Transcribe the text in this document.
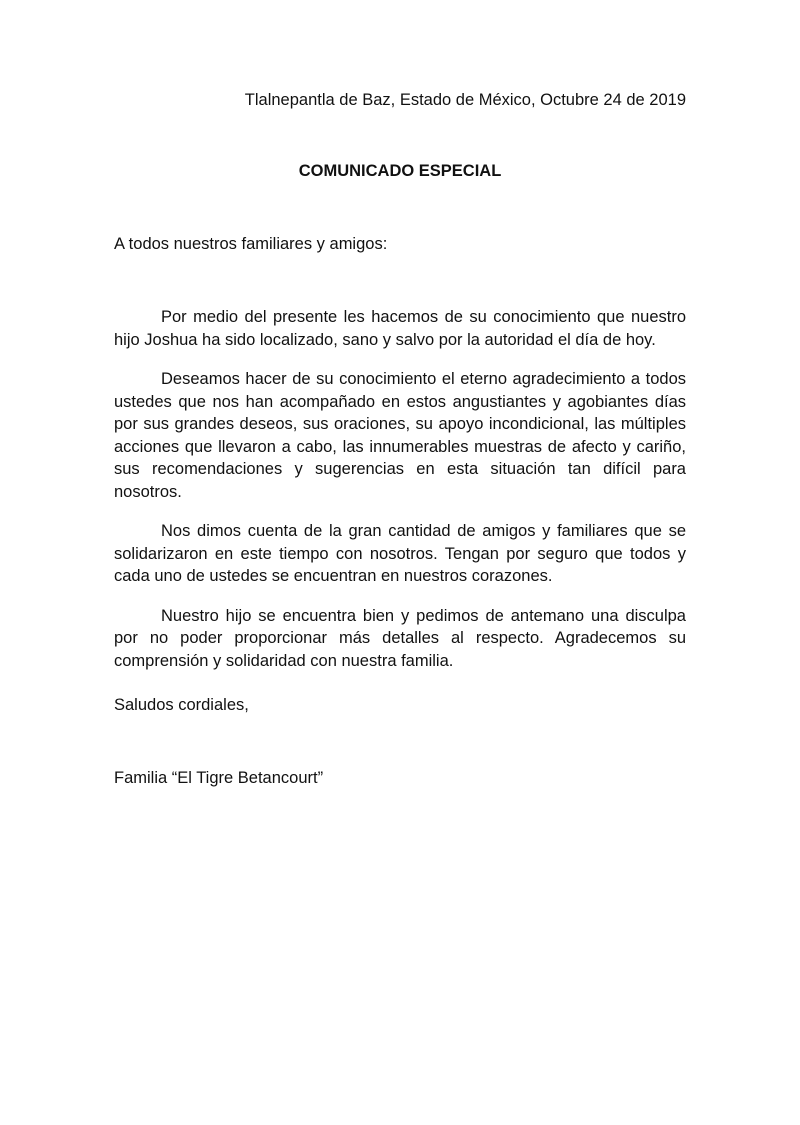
Tlalnepantla de Baz, Estado de México, Octubre 24 de 2019
COMUNICADO ESPECIAL
A todos nuestros familiares y amigos:

Por medio del presente les hacemos de su conocimiento que nuestro hijo Joshua ha sido localizado, sano y salvo por la autoridad el día de hoy.

Deseamos hacer de su conocimiento el eterno agradecimiento a todos ustedes que nos han acompañado en estos angustiantes y agobiantes días por sus grandes deseos, sus oraciones, su apoyo incondicional, las múltiples acciones que llevaron a cabo, las innumerables muestras de afecto y cariño, sus recomendaciones y sugerencias en esta situación tan difícil para nosotros.

Nos dimos cuenta de la gran cantidad de amigos y familiares que se solidarizaron en este tiempo con nosotros. Tengan por seguro que todos y cada uno de ustedes se encuentran en nuestros corazones.

Nuestro hijo se encuentra bien y pedimos de antemano una disculpa por no poder proporcionar más detalles al respecto. Agradecemos su comprensión y solidaridad con nuestra familia.

Saludos cordiales,
Familia “El Tigre Betancourt”
